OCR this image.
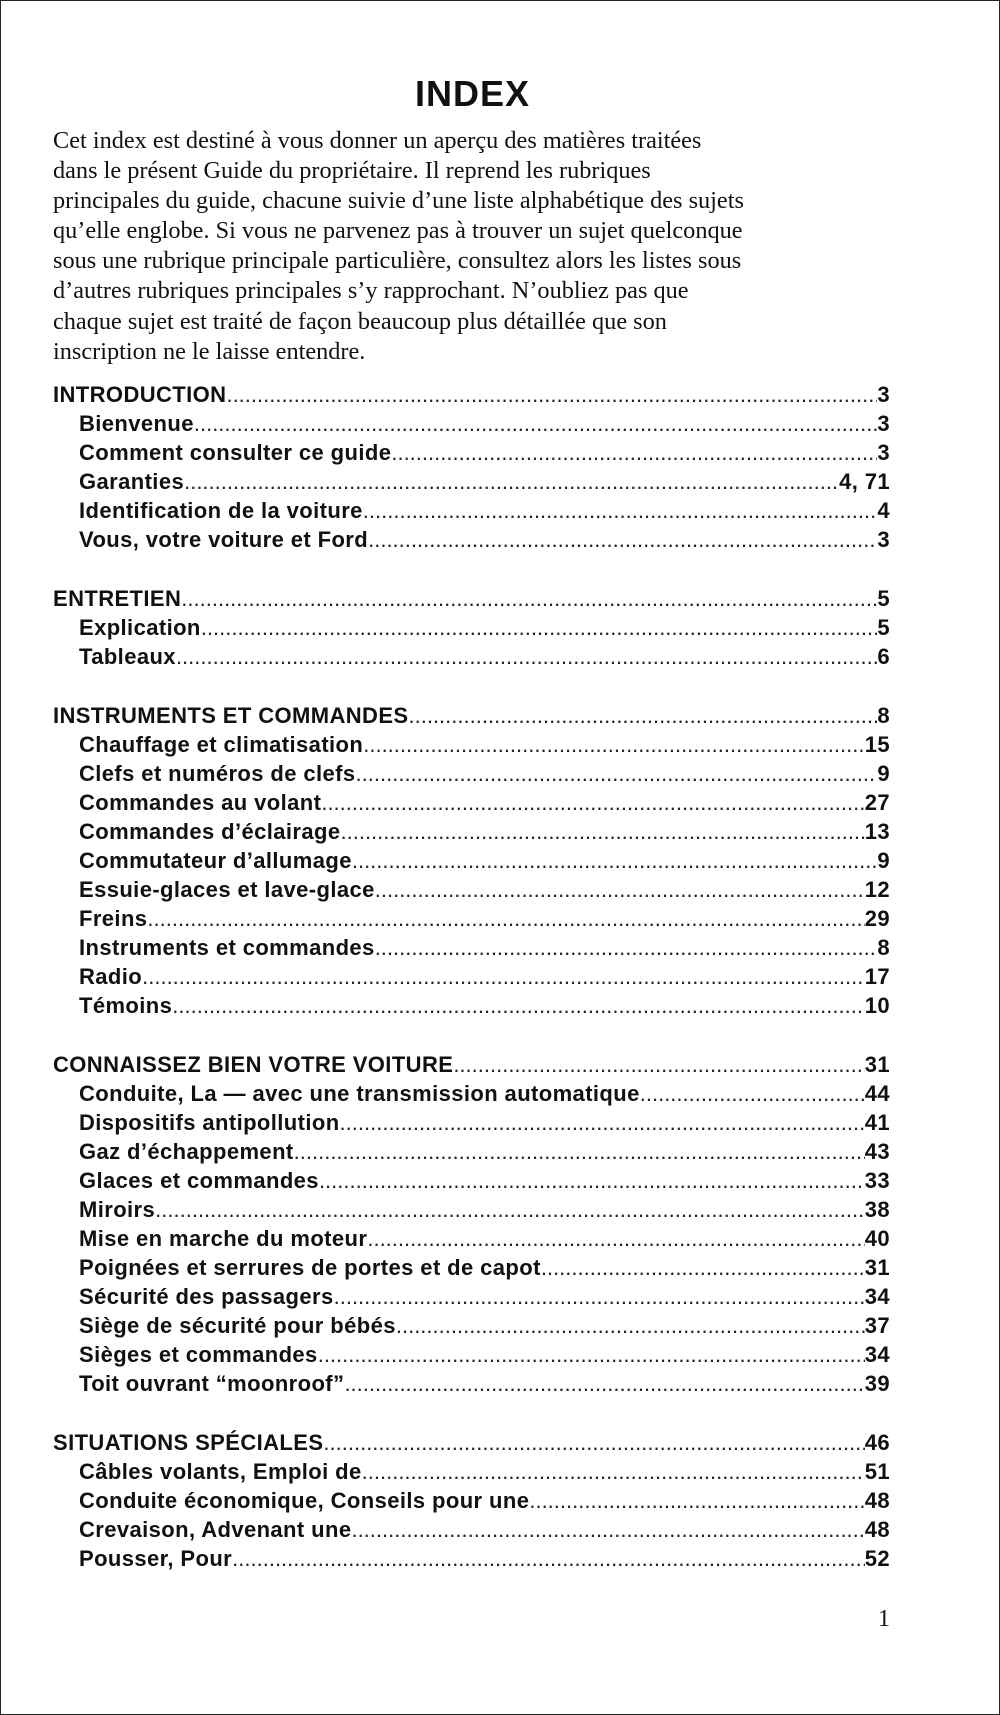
INDEX
Cet index est destiné à vous donner un aperçu des matières traitées
dans le présent Guide du propriétaire. Il reprend les rubriques
principales du guide, chacune suivie d’une liste alphabétique des sujets
qu’elle englobe. Si vous ne parvenez pas à trouver un sujet quelconque
sous une rubrique principale particulière, consultez alors les listes sous
d’autres rubriques principales s’y rapprochant. N’oubliez pas que
chaque sujet est traité de façon beaucoup plus détaillée que son
inscription ne le laisse entendre.
INTRODUCTION .....	3
Bienvenue .....	3
Comment consulter ce guide .....	3
Garanties .....	4, 71
Identification de la voiture .....	4
Vous, votre voiture et Ford .....	3
ENTRETIEN .....	5
Explication .....	5
Tableaux .....	6
INSTRUMENTS ET COMMANDES .....	8
Chauffage et climatisation .....	15
Clefs et numéros de clefs .....	9
Commandes au volant .....	27
Commandes d’éclairage .....	13
Commutateur d’allumage .....	9
Essuie-glaces et lave-glace .....	12
Freins .....	29
Instruments et commandes .....	8
Radio .....	17
Témoins .....	10
CONNAISSEZ BIEN VOTRE VOITURE .....	31
Conduite, La — avec une transmission automatique .....	44
Dispositifs antipollution .....	41
Gaz d’échappement .....	43
Glaces et commandes .....	33
Miroirs .....	38
Mise en marche du moteur .....	40
Poignées et serrures de portes et de capot .....	31
Sécurité des passagers .....	34
Siège de sécurité pour bébés .....	37
Sièges et commandes .....	34
Toit ouvrant “moonroof” .....	39
SITUATIONS SPÉCIALES .....	46
Câbles volants, Emploi de .....	51
Conduite économique, Conseils pour une .....	48
Crevaison, Advenant une .....	48
Pousser, Pour .....	52
1
